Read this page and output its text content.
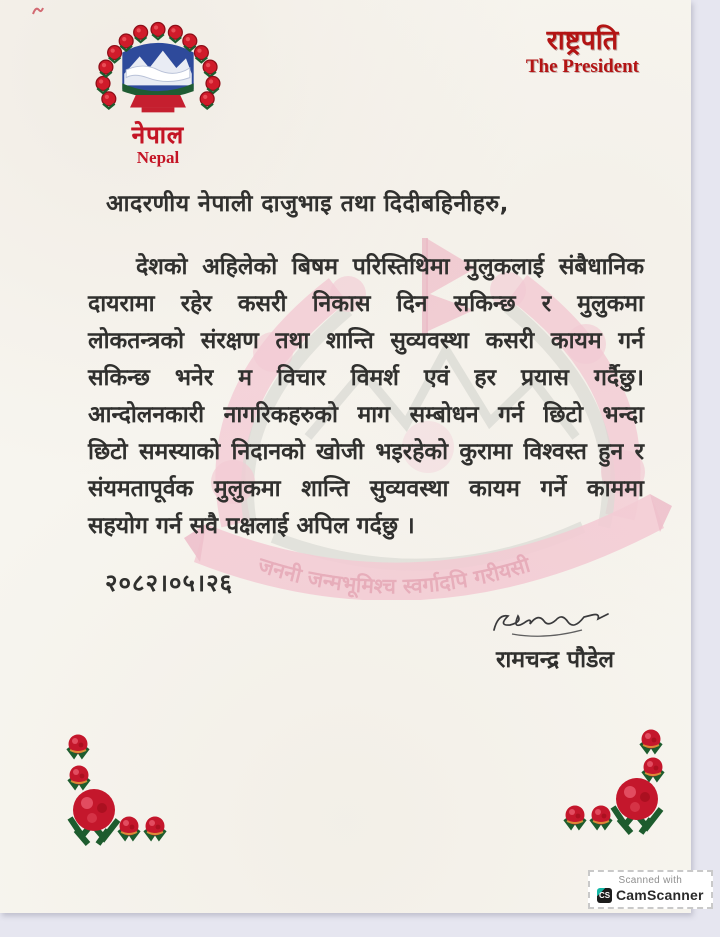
नेपाल
Nepal
राष्ट्रपति
The President
जननी जन्मभूमिश्च स्वर्गादपि गरीयसी
आदरणीय नेपाली दाजुभाइ तथा दिदीबहिनीहरु,
देशको अहिलेको बिषम परिस्तिथिमा मुलुकलाई संबैधानिक
दायरामा रहेर कसरी निकास दिन सकिन्छ र मुलुकमा
लोकतन्त्रको संरक्षण तथा शान्ति सुव्यवस्था कसरी कायम गर्न
सकिन्छ भनेर म विचार विमर्श एवं हर प्रयास गर्दैछु।
आन्दोलनकारी नागरिकहरुको माग सम्बोधन गर्न छिटो भन्दा
छिटो समस्याको निदानको खोजी भइरहेको कुरामा विश्वस्त हुन र
संयमतापूर्वक मुलुकमा शान्ति सुव्यवस्था कायम गर्ने काममा
सहयोग गर्न सवै पक्षलाई अपिल गर्दछु ।
२०८२।०५।२६
रामचन्द्र पौडेल
Scanned with
CS CamScanner
